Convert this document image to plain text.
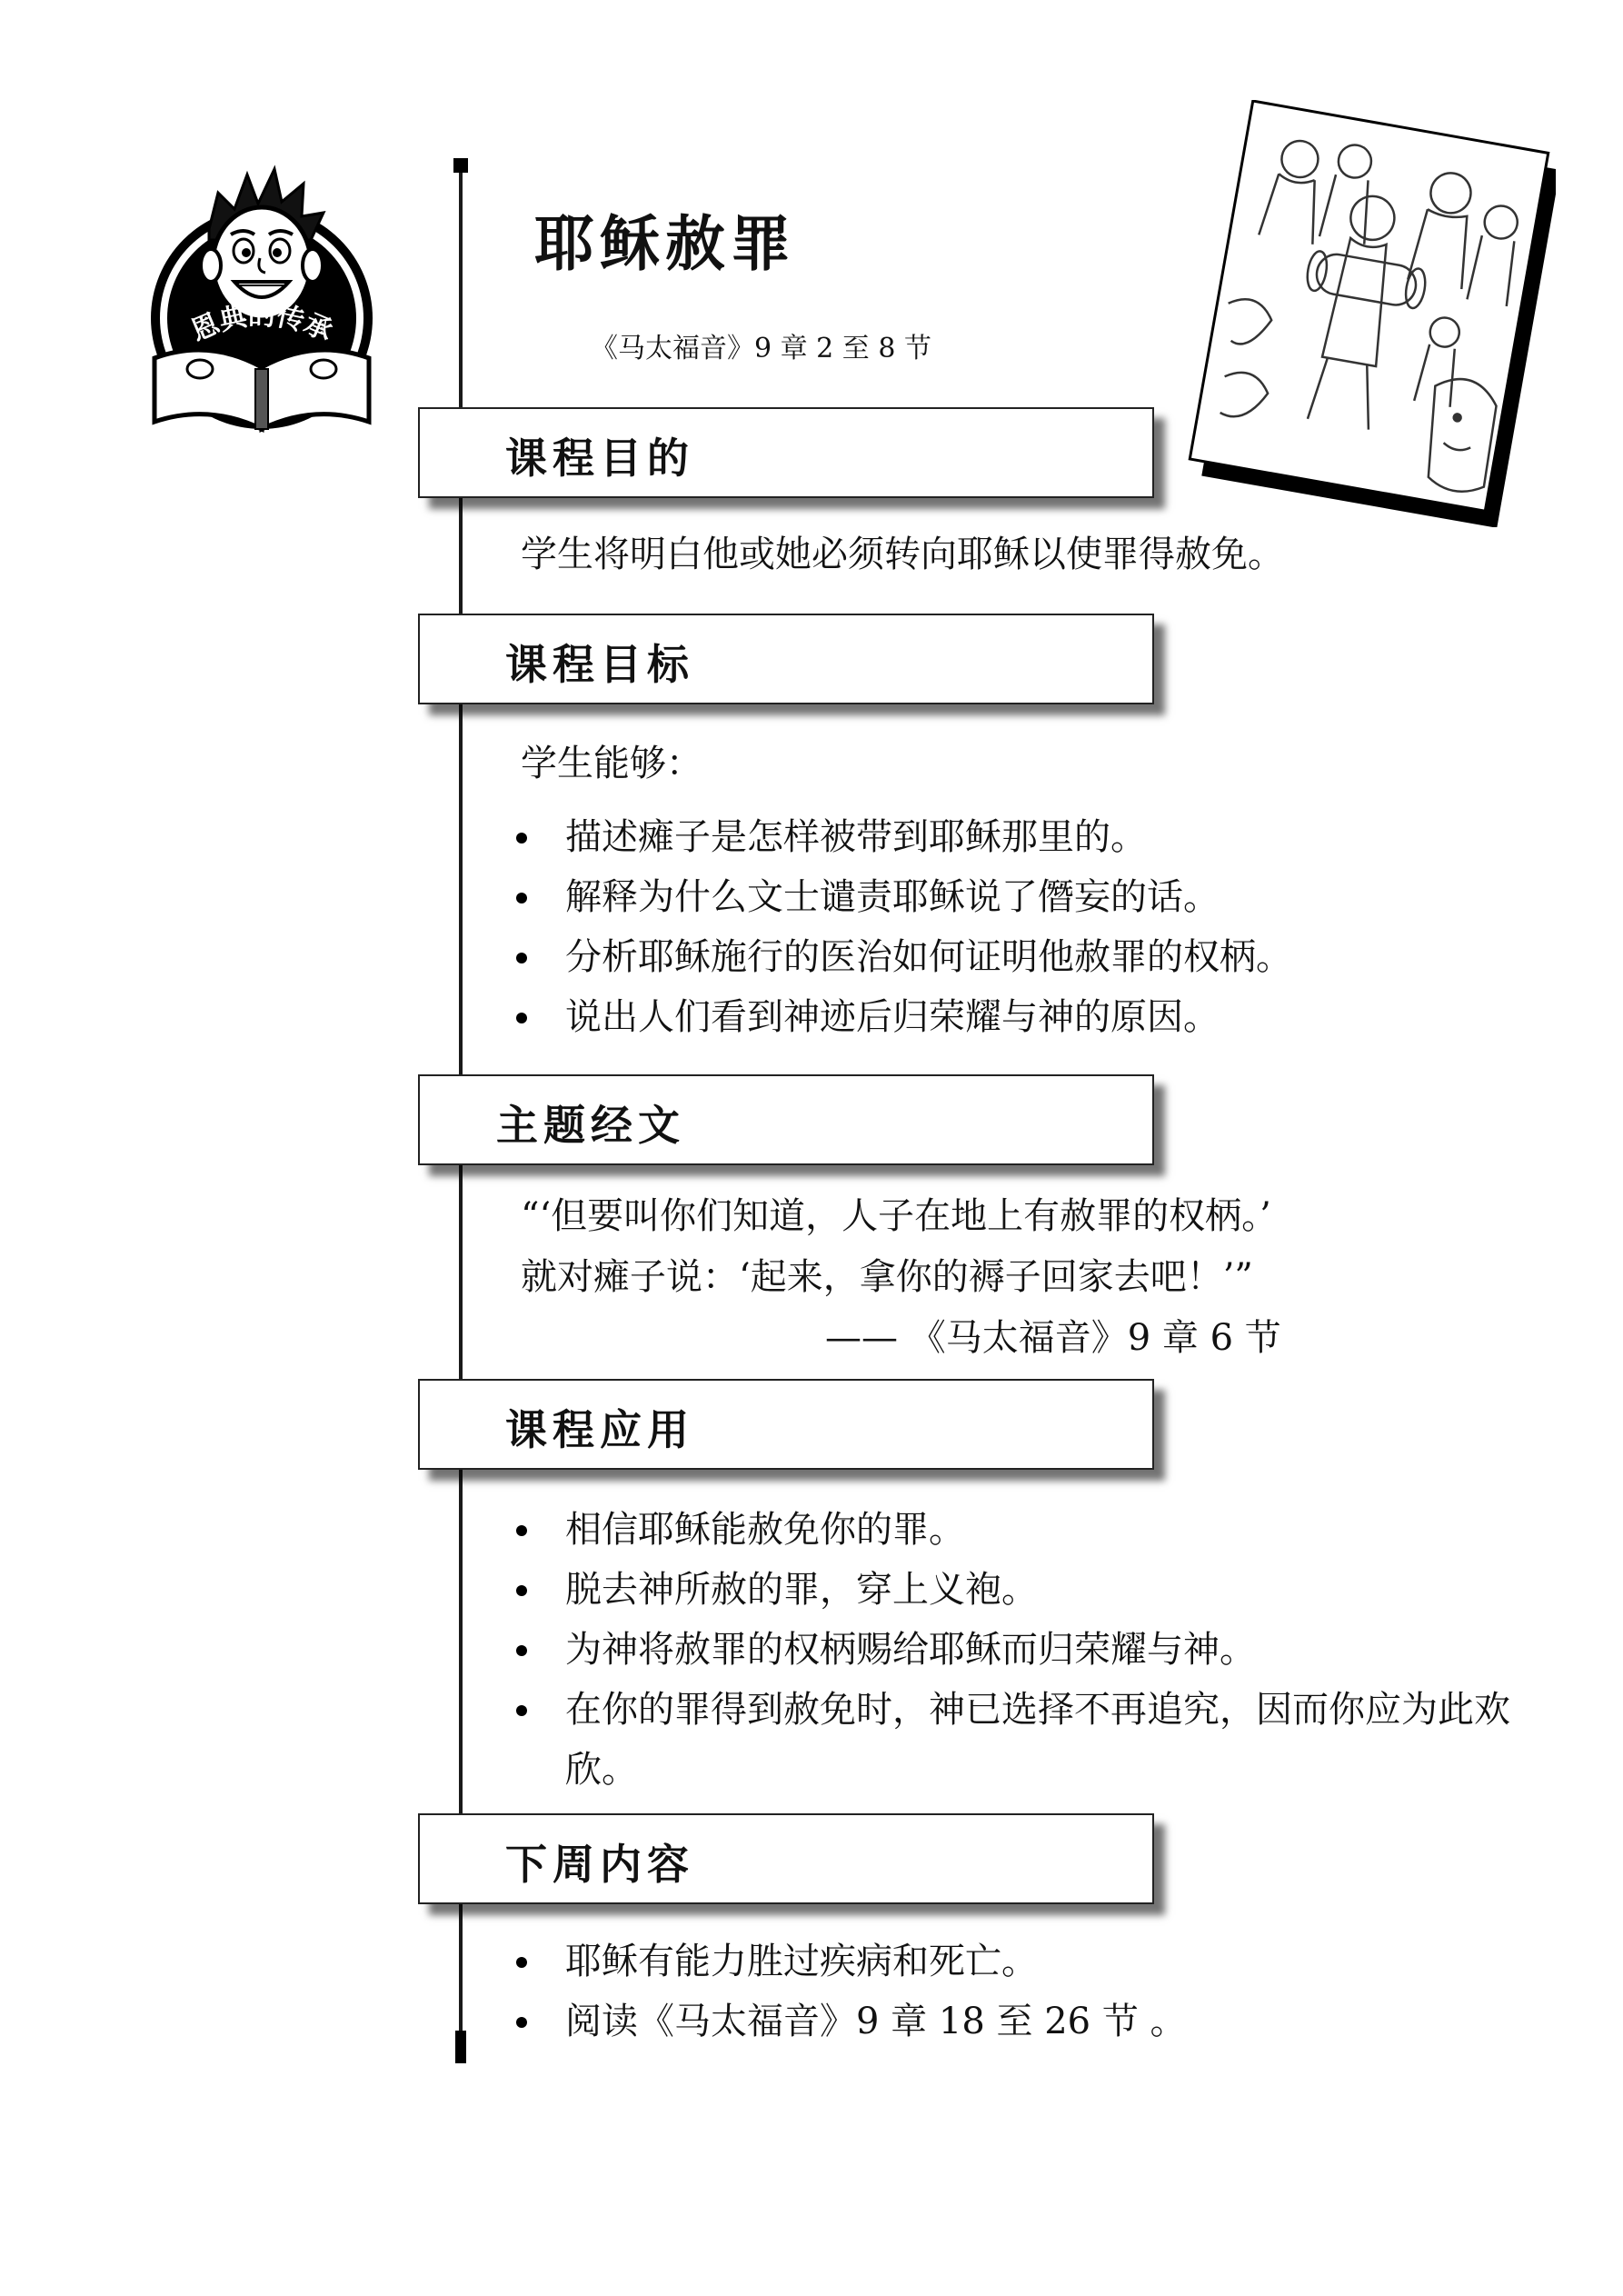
恩典的传承
耶稣赦罪
《马太福音》9 章 2 至 8 节
课程目的
学生将明白他或她必须转向耶稣以使罪得赦免。
课程目标
学生能够：
描述瘫子是怎样被带到耶稣那里的。
解释为什么文士谴责耶稣说了僭妄的话。
分析耶稣施行的医治如何证明他赦罪的权柄。
说出人们看到神迹后归荣耀与神的原因。
主题经文
“‘但要叫你们知道，人子在地上有赦罪的权柄。’
就对瘫子说：‘起来，拿你的褥子回家去吧！’”
—— 《马太福音》9 章 6 节
课程应用
相信耶稣能赦免你的罪。
脱去神所赦的罪，穿上义袍。
为神将赦罪的权柄赐给耶稣而归荣耀与神。
在你的罪得到赦免时，神已选择不再追究，因而你应为此欢欣。
下周内容
耶稣有能力胜过疾病和死亡。
阅读《马太福音》9 章 18 至 26 节 。
